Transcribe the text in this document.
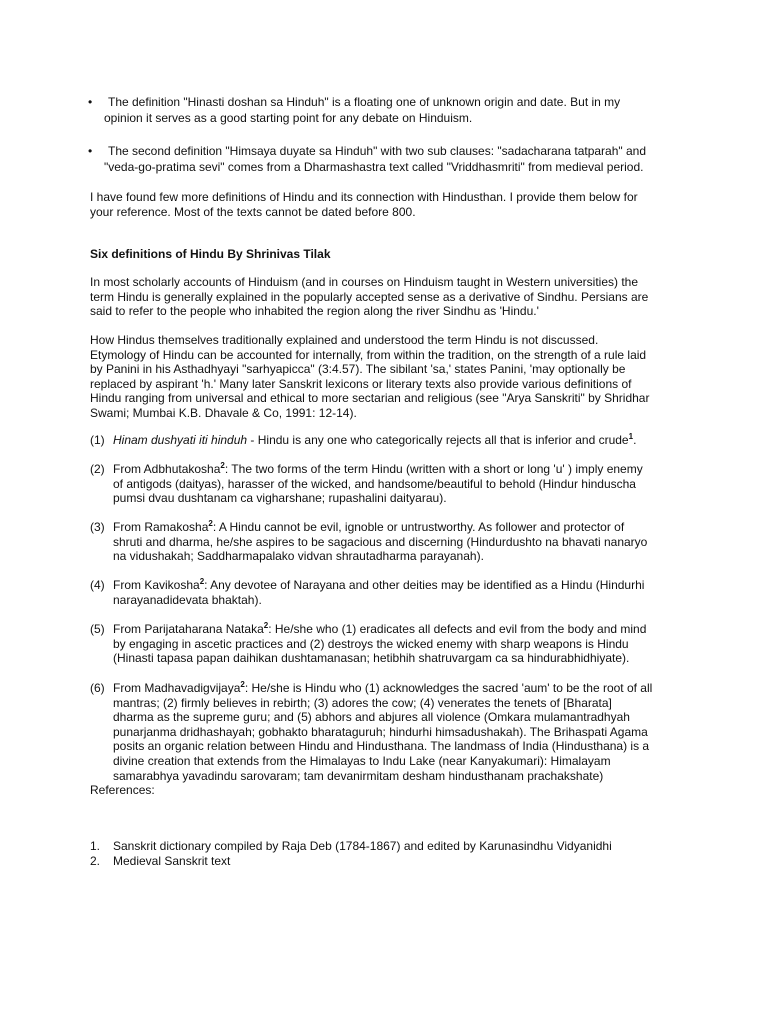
• The definition "Hinasti doshan sa Hinduh" is a floating one of unknown origin and date. But in my
opinion it serves as a good starting point for any debate on Hinduism.
• The second definition "Himsaya duyate sa Hinduh" with two sub clauses: "sadacharana tatparah" and
"veda-go-pratima sevi" comes from a Dharmashastra text called "Vriddhasmriti" from medieval period.
I have found few more definitions of Hindu and its connection with Hindusthan. I provide them below for
your reference. Most of the texts cannot be dated before 800.
Six definitions of Hindu By Shrinivas Tilak
In most scholarly accounts of Hinduism (and in courses on Hinduism taught in Western universities) the
term Hindu is generally explained in the popularly accepted sense as a derivative of Sindhu. Persians are
said to refer to the people who inhabited the region along the river Sindhu as 'Hindu.'
How Hindus themselves traditionally explained and understood the term Hindu is not discussed.
Etymology of Hindu can be accounted for internally, from within the tradition, on the strength of a rule laid
by Panini in his Asthadhyayi "sarhyapicca" (3:4.57). The sibilant 'sa,' states Panini, 'may optionally be
replaced by aspirant 'h.' Many later Sanskrit lexicons or literary texts also provide various definitions of
Hindu ranging from universal and ethical to more sectarian and religious (see "Arya Sanskriti" by Shridhar
Swami; Mumbai K.B. Dhavale & Co, 1991: 12-14).
(1) Hinam dushyati iti hinduh - Hindu is any one who categorically rejects all that is inferior and crude$^1$.
(2) From Adbhutakosha$^2$: The two forms of the term Hindu (written with a short or long 'u' ) imply enemy
of antigods (daityas), harasser of the wicked, and handsome/beautiful to behold (Hindur hinduscha
pumsi dvau dushtanam ca vigharshane; rupashalini daityarau).
(3) From Ramakosha$^2$: A Hindu cannot be evil, ignoble or untrustworthy. As follower and protector of
shruti and dharma, he/she aspires to be sagacious and discerning (Hindurdushto na bhavati nanaryo
na vidushakah; Saddharmapalako vidvan shrautadharma parayanah).
(4) From Kavikosha$^2$: Any devotee of Narayana and other deities may be identified as a Hindu (Hindurhi
narayanadidevata bhaktah).
(5) From Parijataharana Nataka$^2$: He/she who (1) eradicates all defects and evil from the body and mind
by engaging in ascetic practices and (2) destroys the wicked enemy with sharp weapons is Hindu
(Hinasti tapasa papan daihikan dushtamanasan; hetibhih shatruvargam ca sa hindurabhidhiyate).
(6) From Madhavadigvijaya$^2$: He/she is Hindu who (1) acknowledges the sacred 'aum' to be the root of all
mantras; (2) firmly believes in rebirth; (3) adores the cow; (4) venerates the tenets of [Bharata]
dharma as the supreme guru; and (5) abhors and abjures all violence (Omkara mulamantradhyah
punarjanma dridhashayah; gobhakto bharataguruh; hindurhi himsadushakah). The Brihaspati Agama
posits an organic relation between Hindu and Hindusthana. The landmass of India (Hindusthana) is a
divine creation that extends from the Himalayas to Indu Lake (near Kanyakumari): Himalayam
samarabhya yavadindu sarovaram; tam devanirmitam desham hindusthanam prachakshate)
References:
1. Sanskrit dictionary compiled by Raja Deb (1784-1867) and edited by Karunasindhu Vidyanidhi
2. Medieval Sanskrit text
